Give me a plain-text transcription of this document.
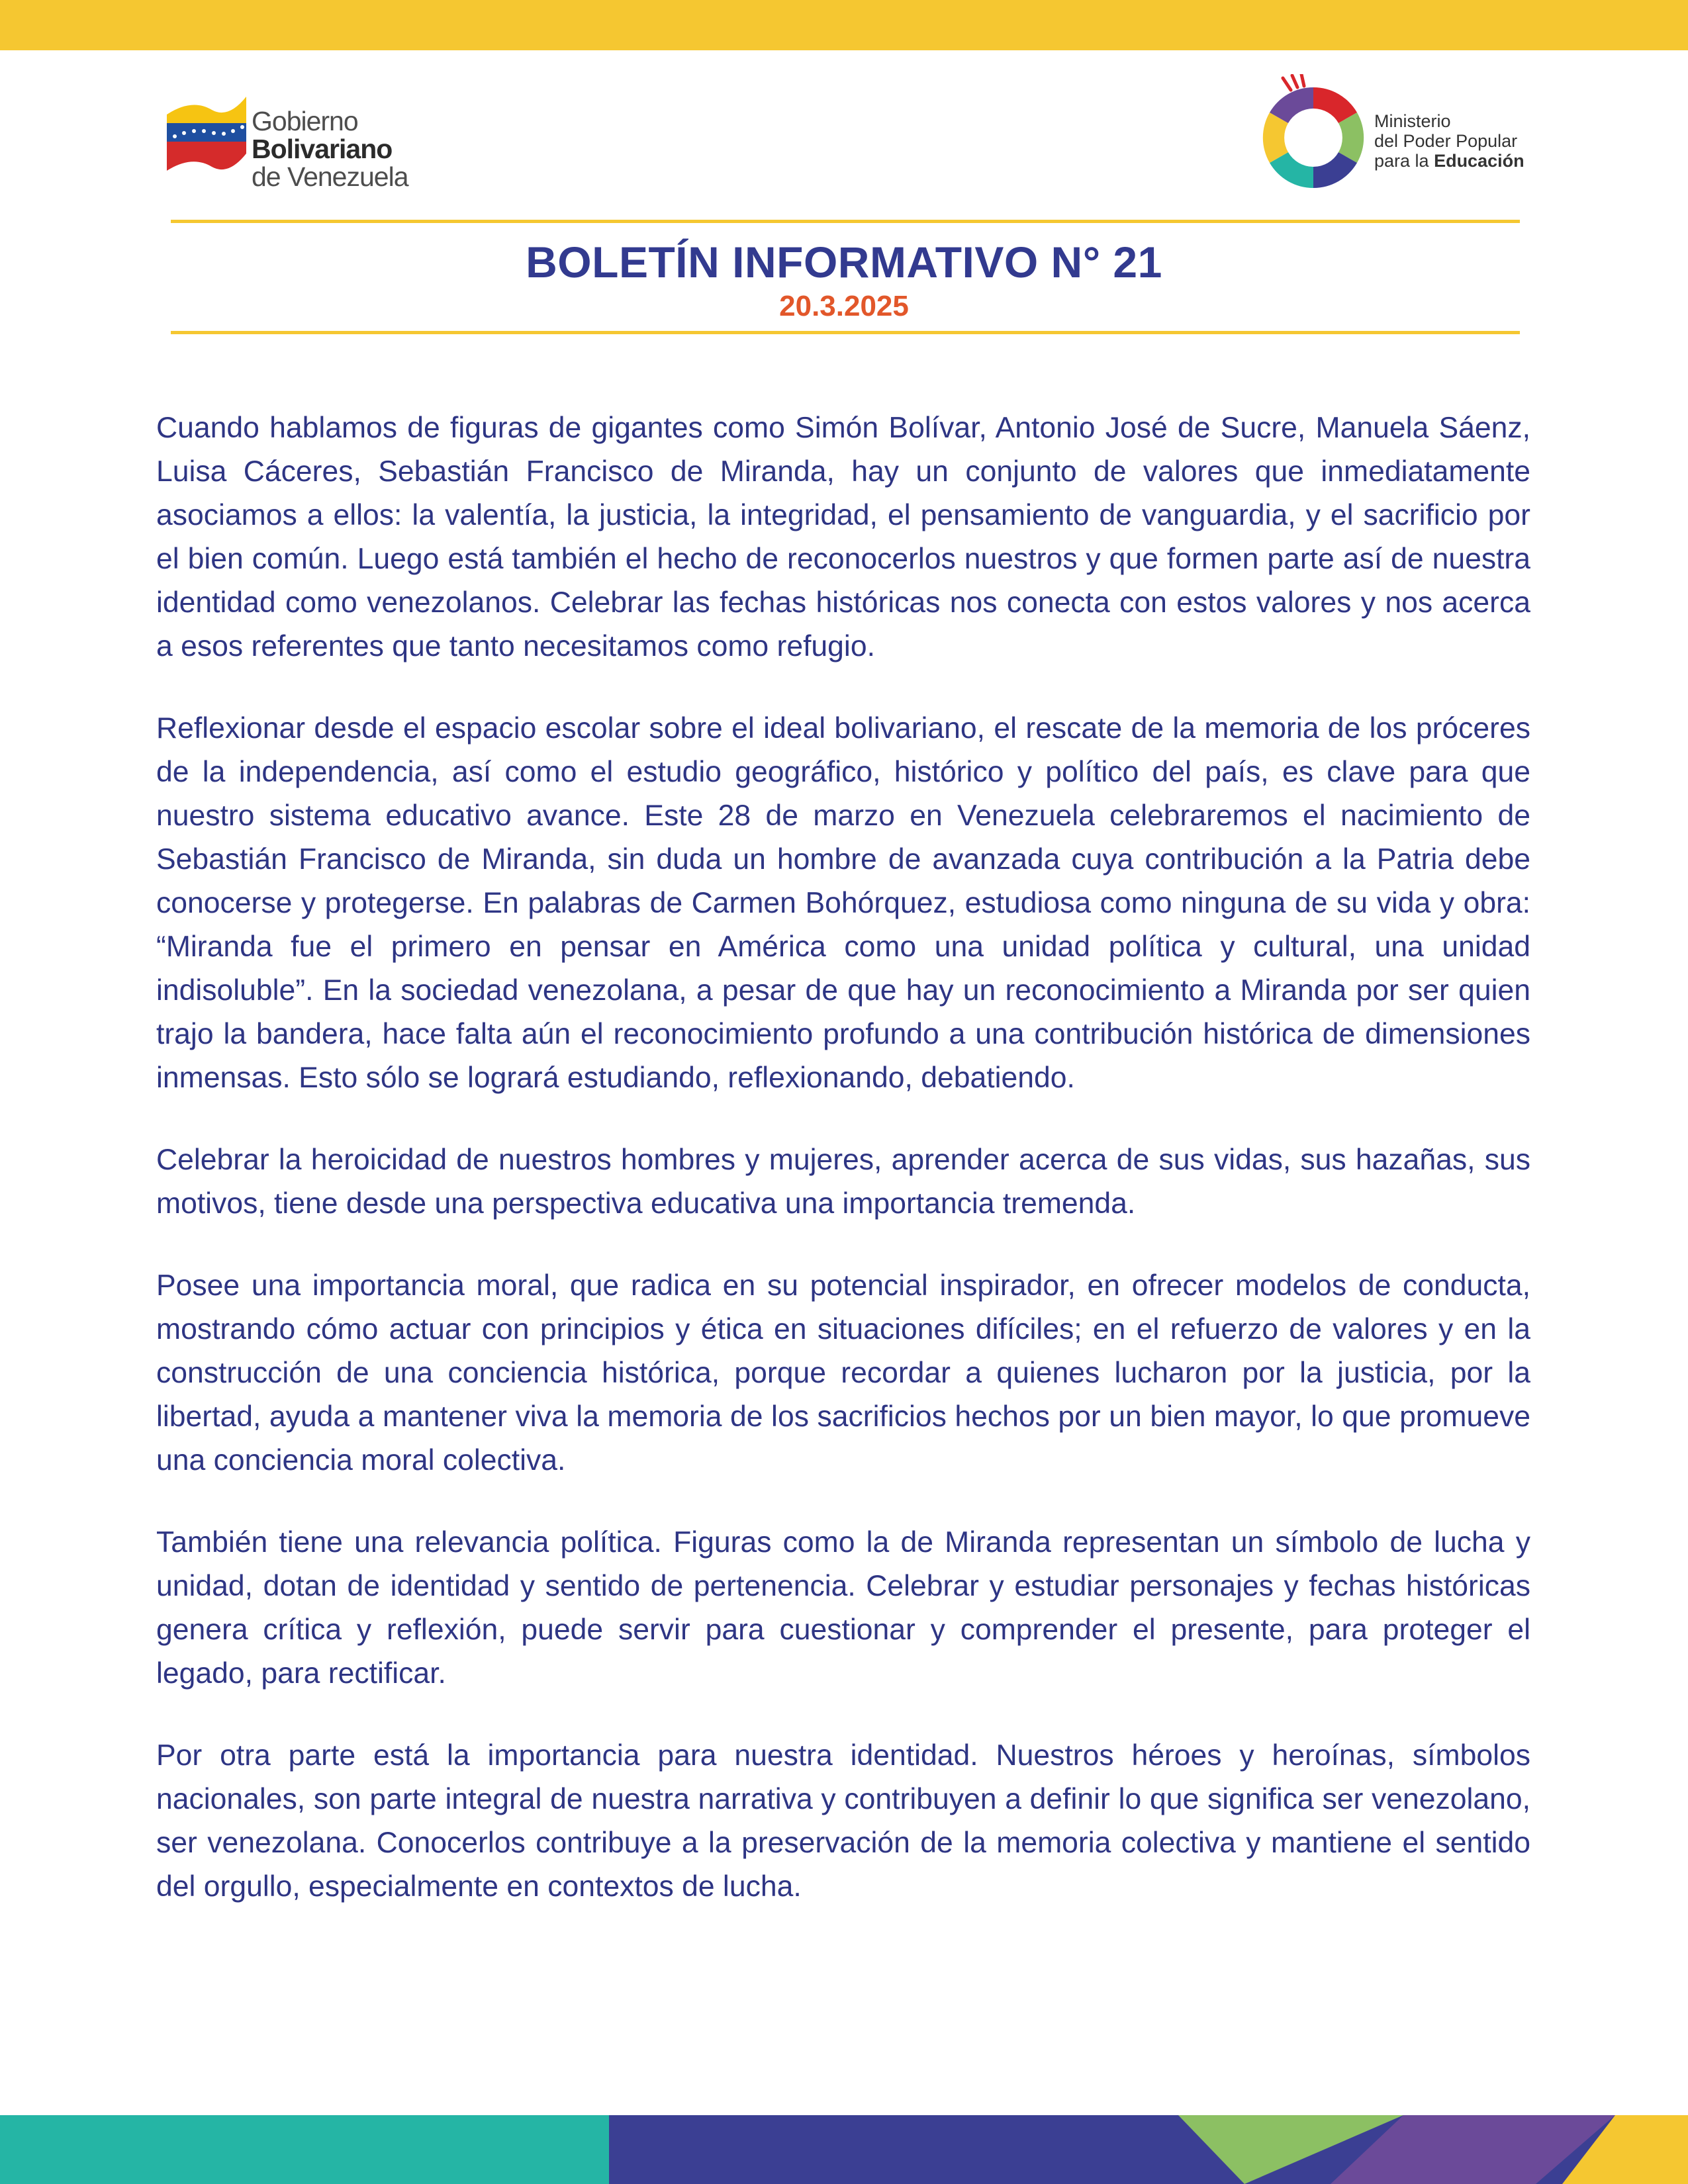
Gobierno
Bolivariano
de Venezuela
Ministerio
del Poder Popular
para la Educación
BOLETÍN INFORMATIVO N° 21
20.3.2025

Cuando hablamos de figuras de gigantes como Simón Bolívar, Antonio José de Sucre, Manuela Sáenz, Luisa Cáceres, Sebastián Francisco de Miranda, hay un conjunto de valores que inmediatamente asociamos a ellos: la valentía, la justicia, la integridad, el pensamiento de vanguardia, y el sacrificio por el bien común. Luego está también el hecho de reconocerlos nuestros y que formen parte así de nuestra identidad como venezolanos. Celebrar las fechas históricas nos conecta con estos valores y nos acerca a esos referentes que tanto necesitamos como refugio.

Reflexionar desde el espacio escolar sobre el ideal bolivariano, el rescate de la memoria de los próceres de la independencia, así como el estudio geográfico, histórico y político del país, es clave para que nuestro sistema educativo avance. Este 28 de marzo en Venezuela celebraremos el nacimiento de Sebastián Francisco de Miranda, sin duda un hombre de avanzada cuya contribución a la Patria debe conocerse y protegerse. En palabras de Carmen Bohórquez, estudiosa como ninguna de su vida y obra: “Miranda fue el primero en pensar en América como una unidad política y cultural, una unidad indisoluble”. En la sociedad venezolana, a pesar de que hay un reconocimiento a Miranda por ser quien trajo la bandera, hace falta aún el reconocimiento profundo a una contribución histórica de dimensiones inmensas. Esto sólo se logrará estudiando, reflexionando, debatiendo.

Celebrar la heroicidad de nuestros hombres y mujeres, aprender acerca de sus vidas, sus hazañas, sus motivos, tiene desde una perspectiva educativa una importancia tremenda.

Posee una importancia moral, que radica en su potencial inspirador, en ofrecer modelos de conducta, mostrando cómo actuar con principios y ética en situaciones difíciles; en el refuerzo de valores y en la construcción de una conciencia histórica, porque recordar a quienes lucharon por la justicia, por la libertad, ayuda a mantener viva la memoria de los sacrificios hechos por un bien mayor, lo que promueve una conciencia moral colectiva.

También tiene una relevancia política. Figuras como la de Miranda representan un símbolo de lucha y unidad, dotan de identidad y sentido de pertenencia. Celebrar y estudiar personajes y fechas históricas genera crítica y reflexión, puede servir para cuestionar y comprender el presente, para proteger el legado, para rectificar.

Por otra parte está la importancia para nuestra identidad. Nuestros héroes y heroínas, símbolos nacionales, son parte integral de nuestra narrativa y contribuyen a definir lo que significa ser venezolano, ser venezolana. Conocerlos contribuye a la preservación de la memoria colectiva y mantiene el sentido del orgullo, especialmente en contextos de lucha.
